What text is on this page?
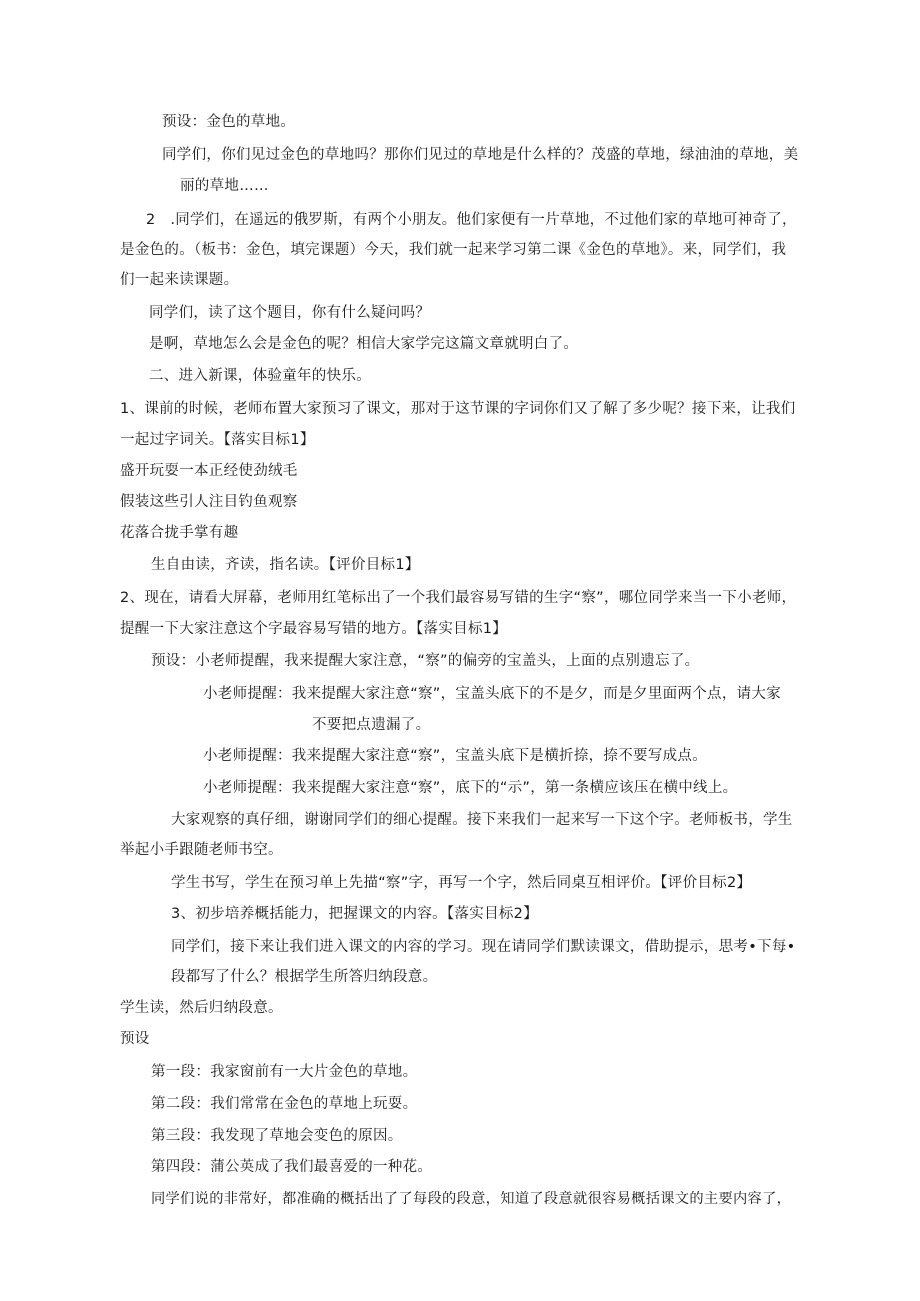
预设：金色的草地。
同学们，你们见过金色的草地吗？那你们见过的草地是什么样的？茂盛的草地，绿油油的草地，美
丽的草地……
2　.同学们，在遥远的俄罗斯，有两个小朋友。他们家便有一片草地，不过他们家的草地可神奇了，
是金色的。（板书：金色，填完课题）今天，我们就一起来学习第二课《金色的草地》。来，同学们，我
们一起来读课题。
同学们，读了这个题目，你有什么疑问吗？
是啊，草地怎么会是金色的呢？相信大家学完这篇文章就明白了。
二、进入新课，体验童年的快乐。
1、课前的时候，老师布置大家预习了课文，那对于这节课的字词你们又了解了多少呢？接下来，让我们
一起过字词关。【落实目标1】
盛开玩耍一本正经使劲绒毛
假装这些引人注目钓鱼观察
花落合拢手掌有趣
生自由读，齐读，指名读。【评价目标1】
2、现在，请看大屏幕，老师用红笔标出了一个我们最容易写错的生字“察”，哪位同学来当一下小老师，
提醒一下大家注意这个字最容易写错的地方。【落实目标1】
预设：小老师提醒，我来提醒大家注意，“察”的偏旁的宝盖头，上面的点别遗忘了。
小老师提醒：我来提醒大家注意“察”，宝盖头底下的不是夕，而是夕里面两个点，请大家
不要把点遗漏了。
小老师提醒：我来提醒大家注意“察”，宝盖头底下是横折捺，捺不要写成点。
小老师提醒：我来提醒大家注意“察”，底下的“示”，第一条横应该压在横中线上。
大家观察的真仔细，谢谢同学们的细心提醒。接下来我们一起来写一下这个字。老师板书，学生
举起小手跟随老师书空。
学生书写，学生在预习单上先描“察”字，再写一个字，然后同桌互相评价。【评价目标2】
3、初步培养概括能力，把握课文的内容。【落实目标2】
同学们，接下来让我们进入课文的内容的学习。现在请同学们默读课文，借助提示，思考•下每•
段都写了什么？根据学生所答归纳段意。
学生读，然后归纳段意。
预设
第一段：我家窗前有一大片金色的草地。
第二段：我们常常在金色的草地上玩耍。
第三段：我发现了草地会变色的原因。
第四段：蒲公英成了我们最喜爱的一种花。
同学们说的非常好，都准确的概括出了了每段的段意，知道了段意就很容易概括课文的主要内容了，
